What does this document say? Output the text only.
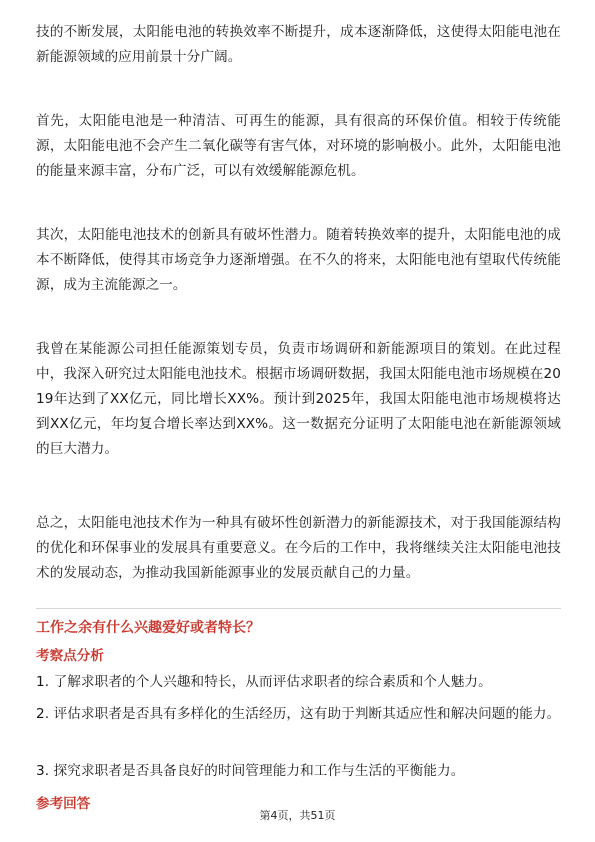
技的不断发展，太阳能电池的转换效率不断提升，成本逐渐降低，这使得太阳能电池在新能源领域的应用前景十分广阔。

首先，太阳能电池是一种清洁、可再生的能源，具有很高的环保价值。相较于传统能源，太阳能电池不会产生二氧化碳等有害气体，对环境的影响极小。此外，太阳能电池的能量来源丰富，分布广泛，可以有效缓解能源危机。

其次，太阳能电池技术的创新具有破坏性潜力。随着转换效率的提升，太阳能电池的成本不断降低，使得其市场竞争力逐渐增强。在不久的将来，太阳能电池有望取代传统能源，成为主流能源之一。

我曾在某能源公司担任能源策划专员，负责市场调研和新能源项目的策划。在此过程中，我深入研究过太阳能电池技术。根据市场调研数据，我国太阳能电池市场规模在2019年达到了XX亿元，同比增长XX%。预计到2025年，我国太阳能电池市场规模将达到XX亿元，年均复合增长率达到XX%。这一数据充分证明了太阳能电池在新能源领域的巨大潜力。

总之，太阳能电池技术作为一种具有破坏性创新潜力的新能源技术，对于我国能源结构的优化和环保事业的发展具有重要意义。在今后的工作中，我将继续关注太阳能电池技术的发展动态，为推动我国新能源事业的发展贡献自己的力量。

工作之余有什么兴趣爱好或者特长？
考察点分析

1. 了解求职者的个人兴趣和特长，从而评估求职者的综合素质和个人魅力。

2. 评估求职者是否具有多样化的生活经历，这有助于判断其适应性和解决问题的能力。

3. 探究求职者是否具备良好的时间管理能力和工作与生活的平衡能力。

参考回答
第4页，共51页
